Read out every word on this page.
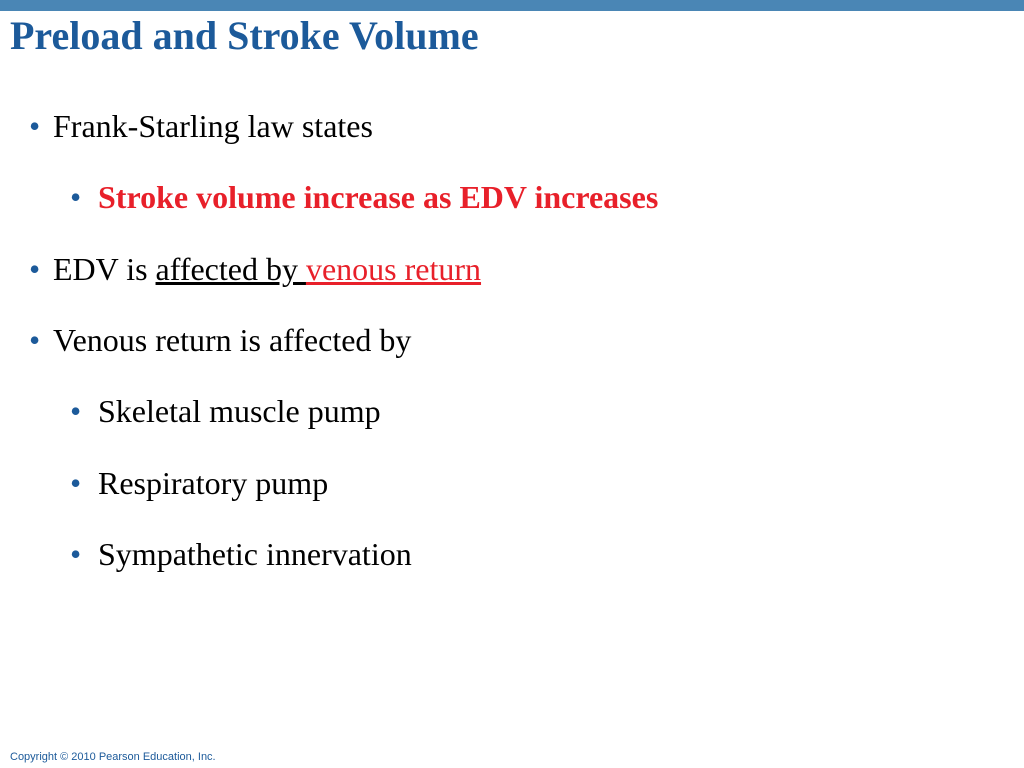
Preload and Stroke Volume
• Frank-Starling law states
• Stroke volume increase as EDV increases
• EDV is affected by venous return
• Venous return is affected by
• Skeletal muscle pump
• Respiratory pump
• Sympathetic innervation
Copyright © 2010 Pearson Education, Inc.
